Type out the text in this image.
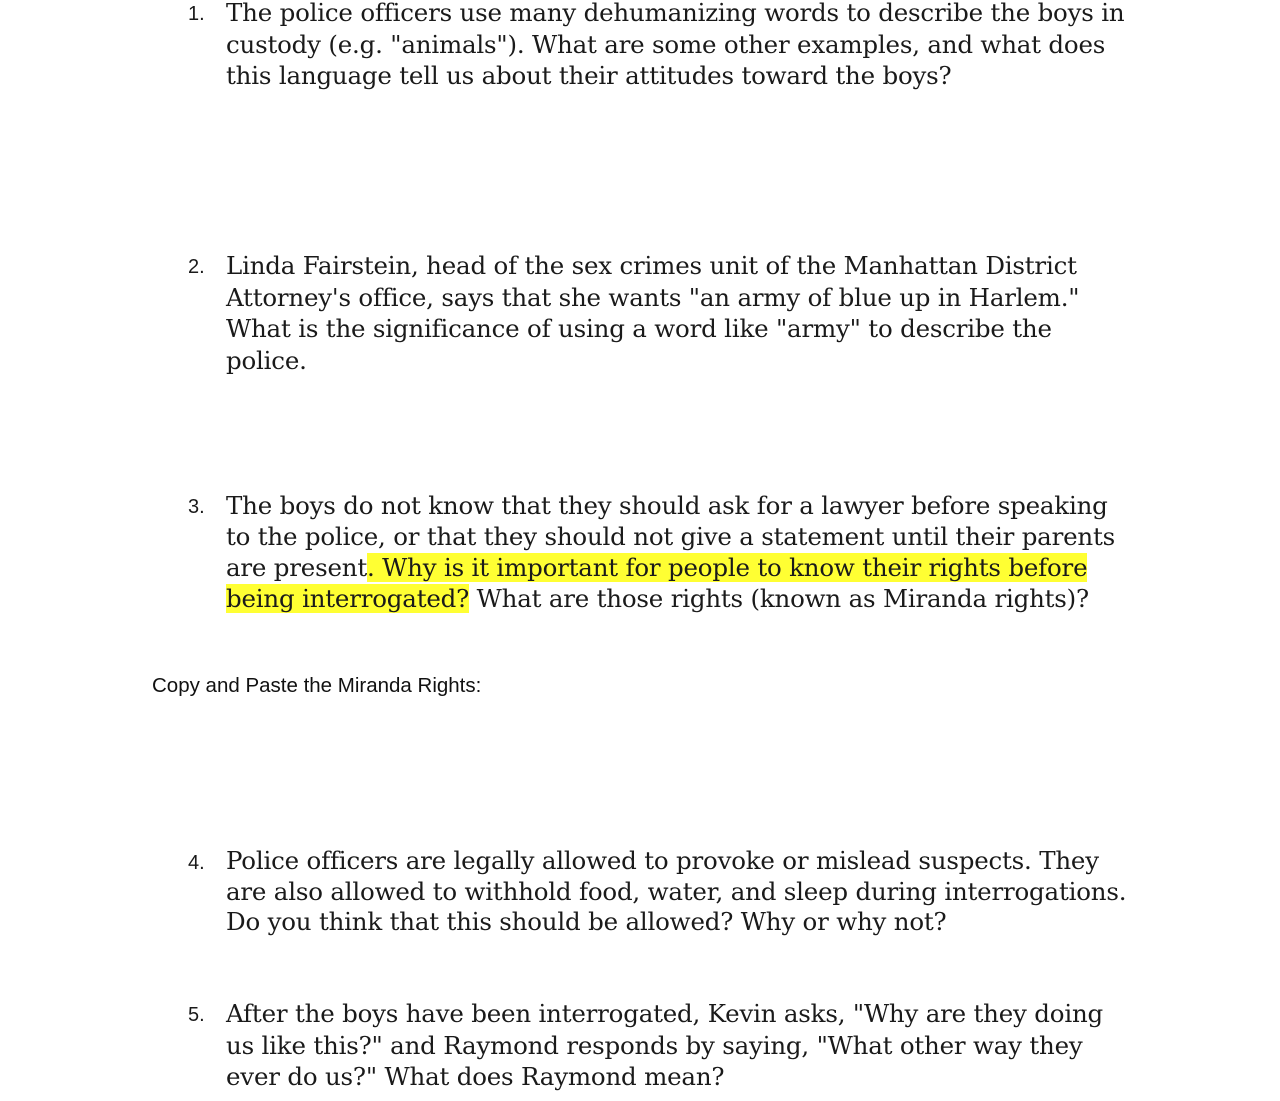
1. The police officers use many dehumanizing words to describe the boys in custody (e.g. "animals"). What are some other examples, and what does this language tell us about their attitudes toward the boys?

2. Linda Fairstein, head of the sex crimes unit of the Manhattan District Attorney's office, says that she wants "an army of blue up in Harlem." What is the significance of using a word like "army" to describe the police.

3. The boys do not know that they should ask for a lawyer before speaking to the police, or that they should not give a statement until their parents are present. Why is it important for people to know their rights before being interrogated? What are those rights (known as Miranda rights)?

Copy and Paste the Miranda Rights:
4. Police officers are legally allowed to provoke or mislead suspects. They are also allowed to withhold food, water, and sleep during interrogations. Do you think that this should be allowed? Why or why not?

5. After the boys have been interrogated, Kevin asks, "Why are they doing us like this?" and Raymond responds by saying, "What other way they ever do us?" What does Raymond mean?
